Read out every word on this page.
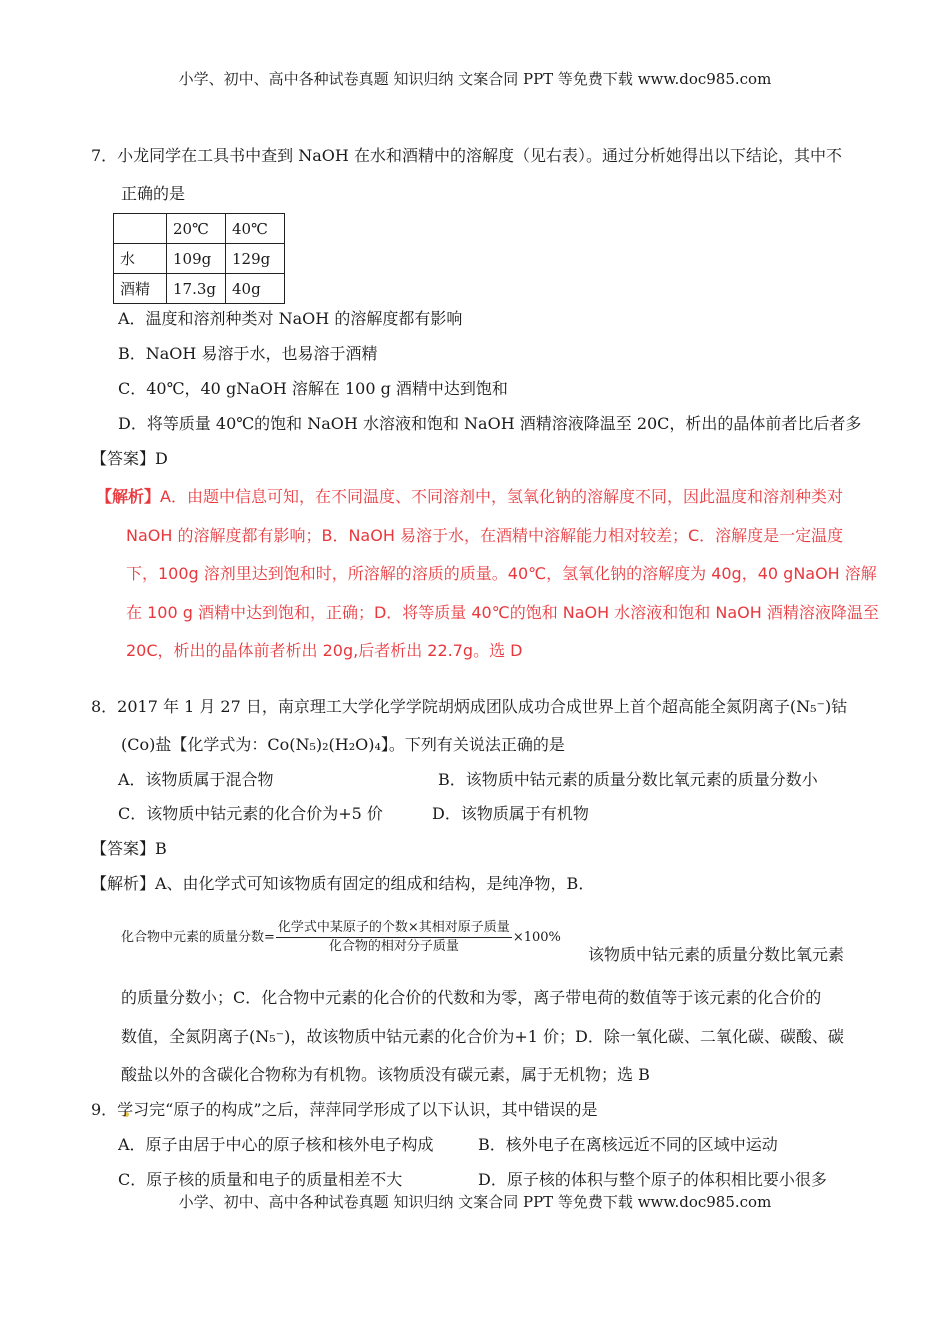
小学、初中、高中各种试卷真题 知识归纳 文案合同 PPT 等免费下载 www.doc985.com
7．小龙同学在工具书中查到 NaOH 在水和酒精中的溶解度（见右表）。通过分析她得出以下结论，其中不
正确的是
	20℃	40℃
水	109g	129g
酒精	17.3g	40g
A．温度和溶剂种类对 NaOH 的溶解度都有影响
B．NaOH 易溶于水，也易溶于酒精
C．40℃，40 gNaOH 溶解在 100 g 酒精中达到饱和
D．将等质量 40℃的饱和 NaOH 水溶液和饱和 NaOH 酒精溶液降温至 20C，析出的晶体前者比后者多
【答案】D
【解析】A．由题中信息可知，在不同温度、不同溶剂中，氢氧化钠的溶解度不同，因此温度和溶剂种类对
NaOH 的溶解度都有影响；B．NaOH 易溶于水，在酒精中溶解能力相对较差；C．溶解度是一定温度
下，100g 溶剂里达到饱和时，所溶解的溶质的质量。40℃，氢氧化钠的溶解度为 40g，40 gNaOH 溶解
在 100 g 酒精中达到饱和，正确；D．将等质量 40℃的饱和 NaOH 水溶液和饱和 NaOH 酒精溶液降温至
20C，析出的晶体前者析出 20g,后者析出 22.7g。选 D
8．2017 年 1 月 27 日，南京理工大学化学学院胡炳成团队成功合成世界上首个超高能全氮阴离子(N₅⁻)钴
(Co)盐【化学式为：Co(N₅)₂(H₂O)₄】。下列有关说法正确的是
A．该物质属于混合物	B．该物质中钴元素的质量分数比氧元素的质量分数小
C．该物质中钴元素的化合价为+5 价	D．该物质属于有机物
【答案】B
【解析】A、由化学式可知该物质有固定的组成和结构，是纯净物，B．
化合物中元素的质量分数= $\frac{\text{化学式中某原子的个数×其相对原子质量}}{\text{化合物的相对分子质量}} \times 100\%$
该物质中钴元素的质量分数比氧元素
的质量分数小；C．化合物中元素的化合价的代数和为零，离子带电荷的数值等于该元素的化合价的
数值，全氮阴离子(N₅⁻)，故该物质中钴元素的化合价为+1 价；D．除一氧化碳、二氧化碳、碳酸、碳
酸盐以外的含碳化合物称为有机物。该物质没有碳元素，属于无机物；选 B
9．学习完“原子的构成”之后，萍萍同学形成了以下认识，其中错误的是
A．原子由居于中心的原子核和核外电子构成	B．核外电子在离核远近不同的区域中运动
C．原子核的质量和电子的质量相差不大	D．原子核的体积与整个原子的体积相比要小很多
小学、初中、高中各种试卷真题 知识归纳 文案合同 PPT 等免费下载 www.doc985.com
